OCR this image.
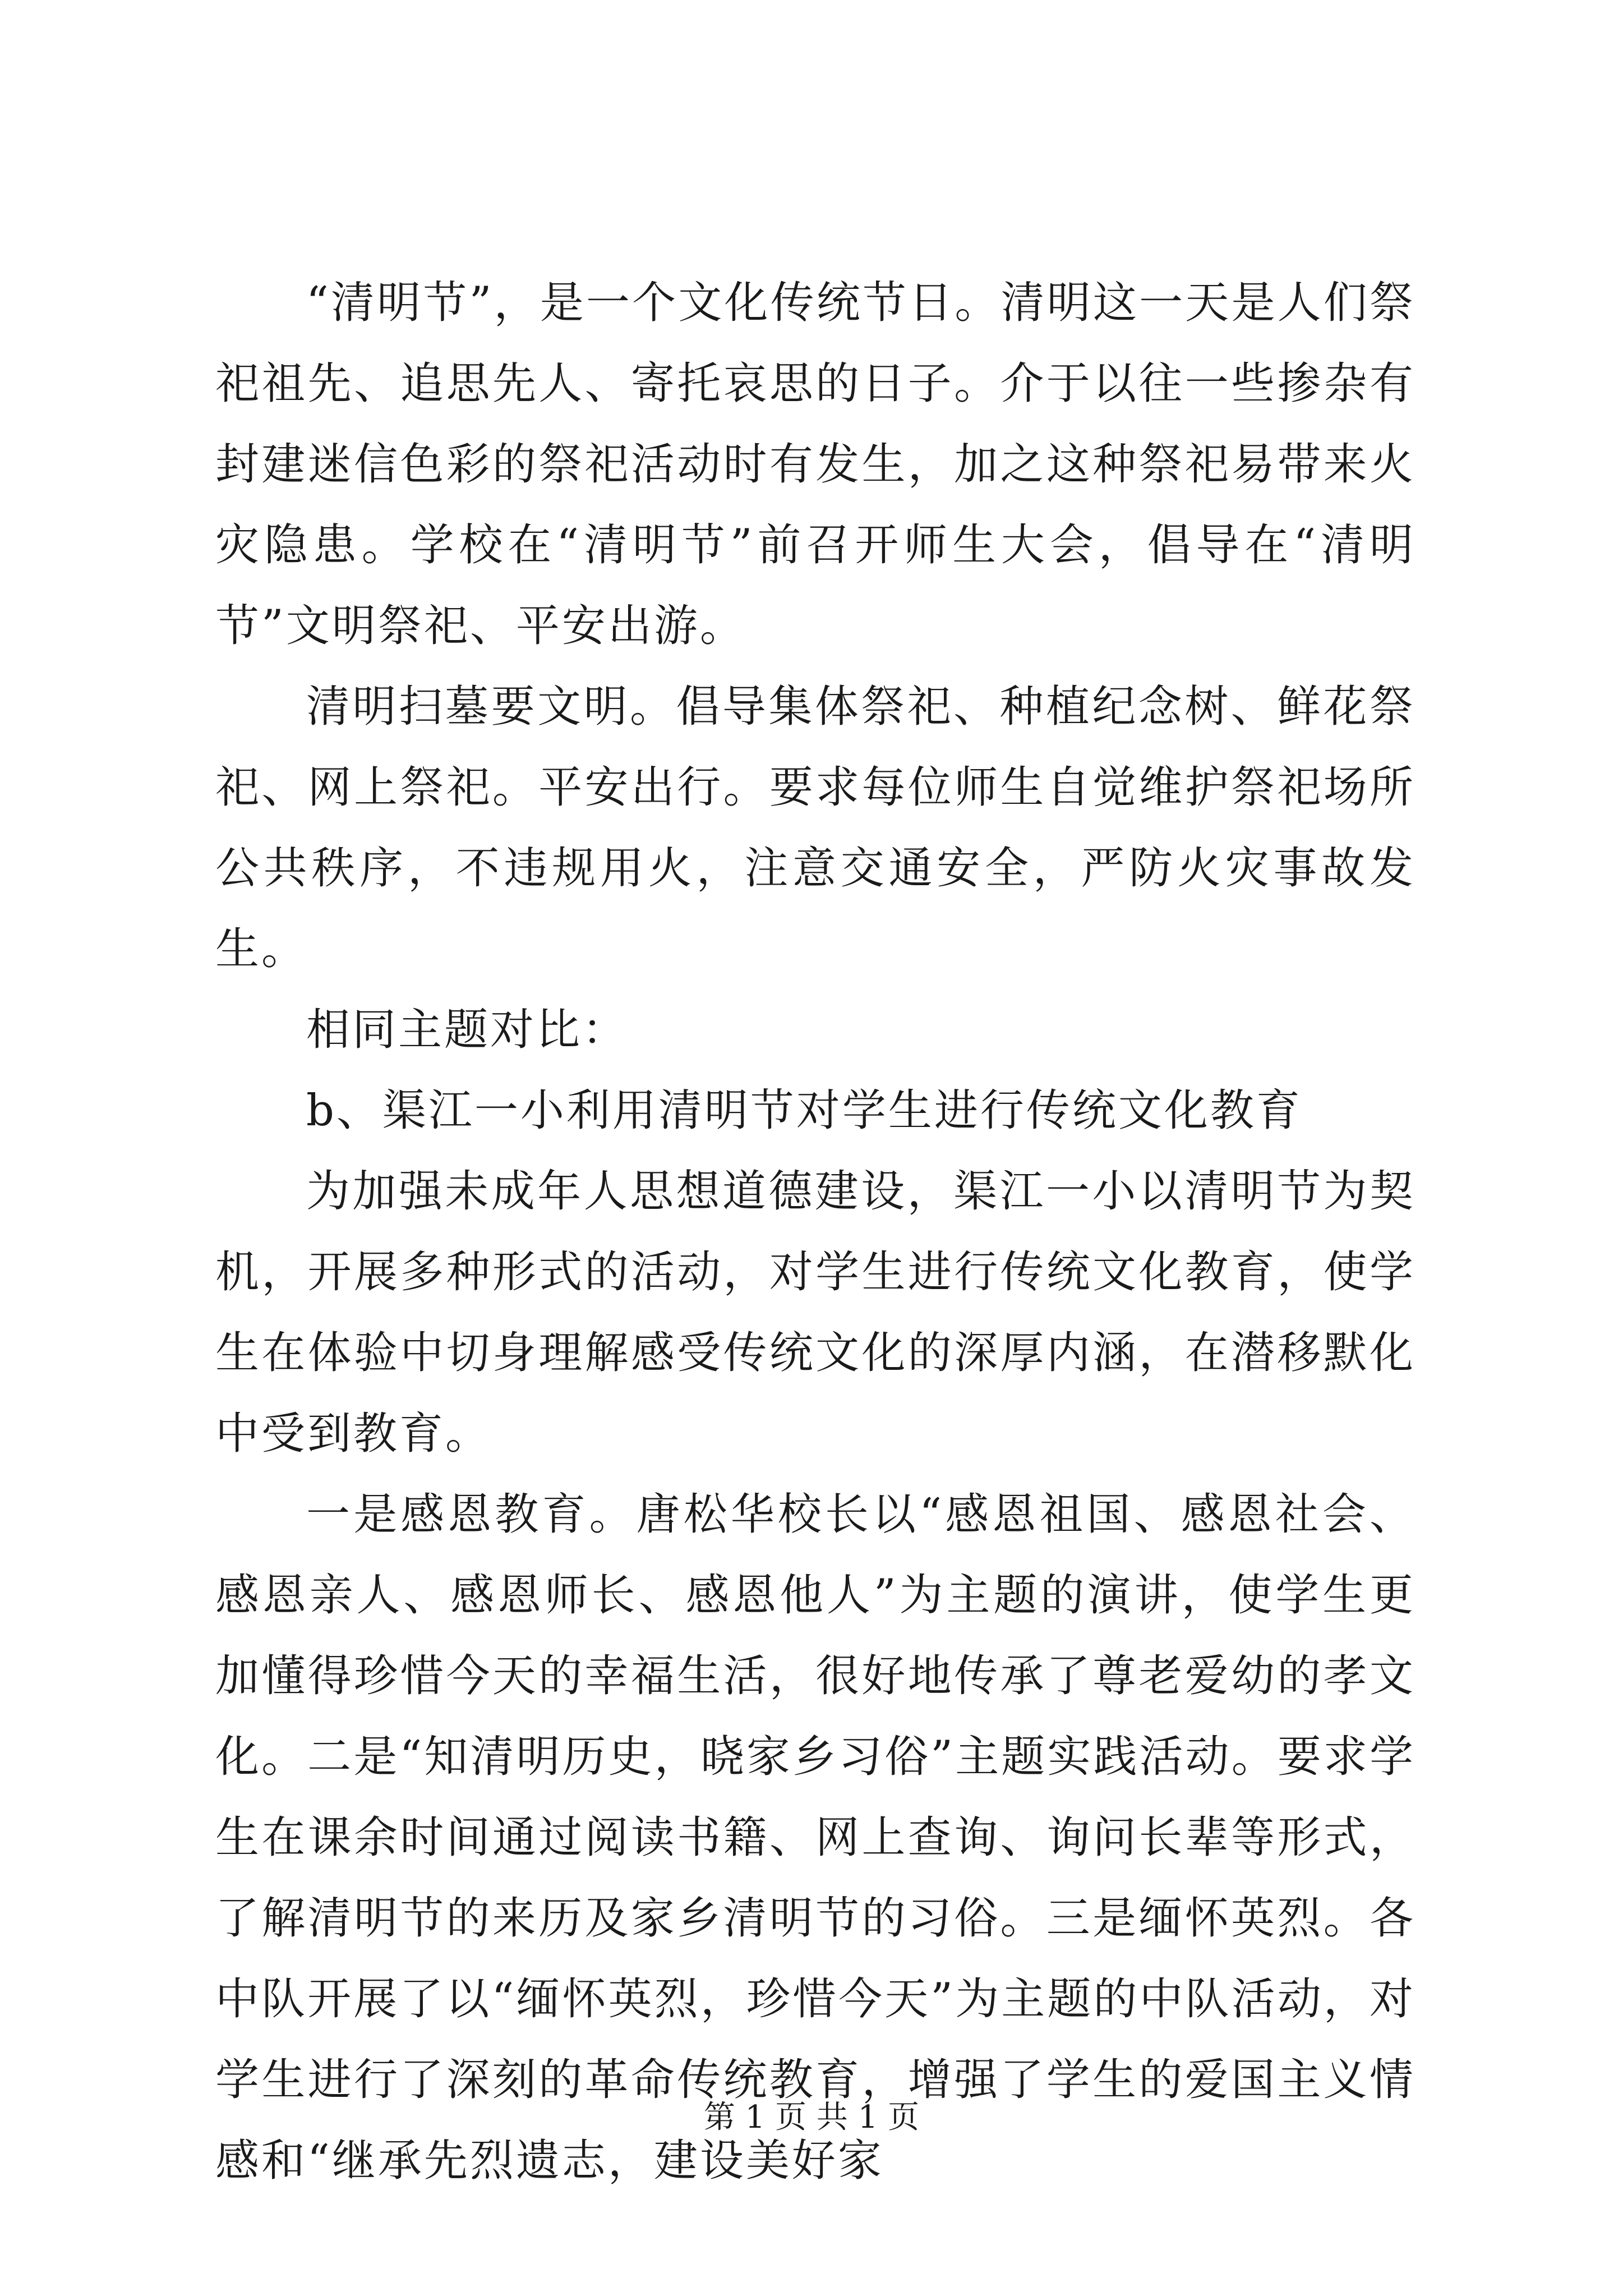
“清明节”，是一个文化传统节日。清明这一天是人们祭祀祖先、追思先人、寄托哀思的日子。介于以往一些掺杂有封建迷信色彩的祭祀活动时有发生，加之这种祭祀易带来火灾隐患。学校在“清明节”前召开师生大会，倡导在“清明节”文明祭祀、平安出游。

清明扫墓要文明。倡导集体祭祀、种植纪念树、鲜花祭祀、网上祭祀。平安出行。要求每位师生自觉维护祭祀场所公共秩序，不违规用火，注意交通安全，严防火灾事故发生。

相同主题对比：

b、渠江一小利用清明节对学生进行传统文化教育

为加强未成年人思想道德建设，渠江一小以清明节为契机，开展多种形式的活动，对学生进行传统文化教育，使学生在体验中切身理解感受传统文化的深厚内涵，在潜移默化中受到教育。

一是感恩教育。唐松华校长以“感恩祖国、感恩社会、感恩亲人、感恩师长、感恩他人”为主题的演讲，使学生更加懂得珍惜今天的幸福生活，很好地传承了尊老爱幼的孝文化。二是“知清明历史，晓家乡习俗”主题实践活动。要求学生在课余时间通过阅读书籍、网上查询、询问长辈等形式，了解清明节的来历及家乡清明节的习俗。三是缅怀英烈。各中队开展了以“缅怀英烈，珍惜今天”为主题的中队活动，对学生进行了深刻的革命传统教育，增强了学生的爱国主义情感和“继承先烈遗志，建设美好家

第 1 页 共 1 页
